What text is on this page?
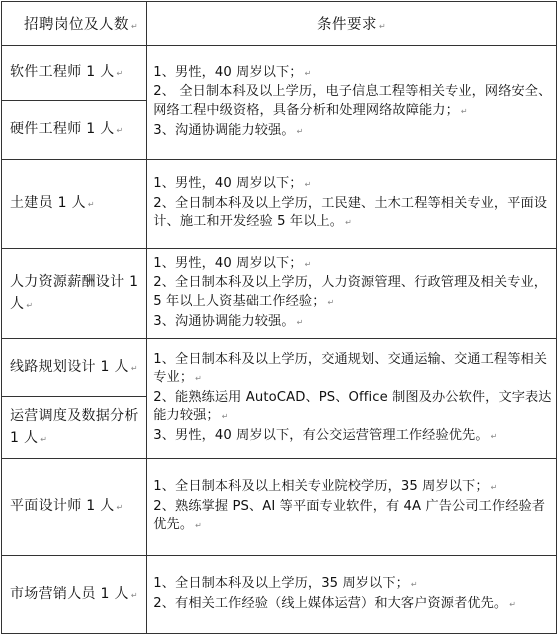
招聘岗位及人数 ↵	条件要求 ↵
软件工程师 1 人 ↵	1、男性，40 周岁以下； ↵
2、 全日制本科及以上学历，电子信息工程等相关专业，网络安全、网络工程中级资格，具备分析和处理网络故障能力； ↵
3、沟通协调能力较强。 ↵

硬件工程师 1 人 ↵	
土建员 1 人 ↵	1、男性，40 周岁以下； ↵
2、全日制本科及以上学历，工民建、土木工程等相关专业，平面设计、施工和开发经验 5 年以上。 ↵

人力资源薪酬设计 1 人 ↵	1、男性，40 周岁以下； ↵
2、全日制本科及以上学历，人力资源管理、行政管理及相关专业，5 年以上人资基础工作经验； ↵
3、沟通协调能力较强。 ↵

线路规划设计 1 人 ↵	1、全日制本科及以上学历，交通规划、交通运输、交通工程等相关专业； ↵
2、能熟练运用 AutoCAD、PS、Office 制图及办公软件，文字表达能力较强； ↵
3、男性，40 周岁以下，有公交运营管理工作经验优先。 ↵

运营调度及数据分析 1 人 ↵	
平面设计师 1 人 ↵	1、全日制本科及以上相关专业院校学历，35 周岁以下； ↵
2、熟练掌握 PS、AI 等平面专业软件，有 4A 广告公司工作经验者优先。 ↵

市场营销人员 1 人 ↵	1、全日制本科及以上学历，35 周岁以下； ↵
2、有相关工作经验（线上媒体运营）和大客户资源者优先。 ↵
